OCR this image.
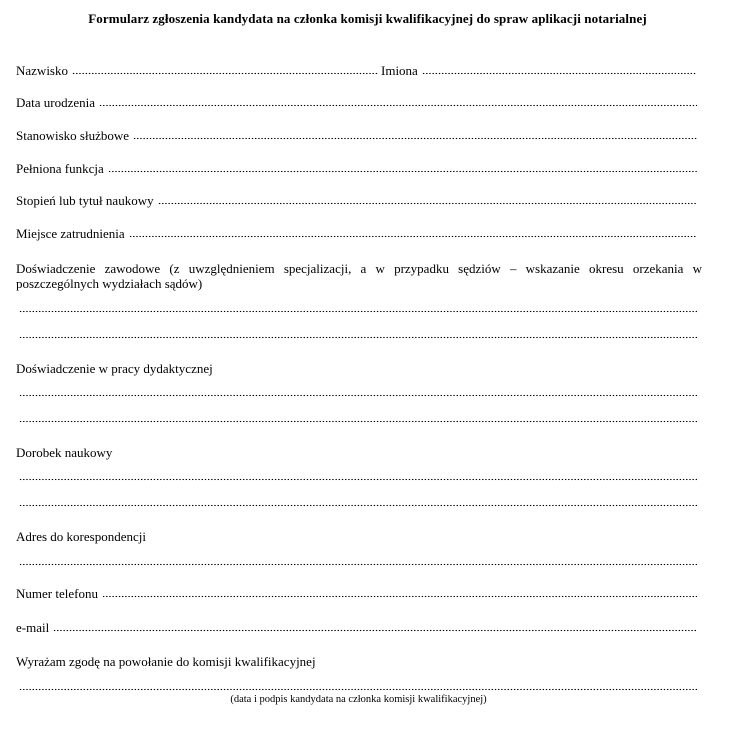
Formularz zgłoszenia kandydata na członka komisji kwalifikacyjnej do spraw aplikacji notarialnej
Nazwisko	Imiona
Data urodzenia
Stanowisko służbowe
Pełniona funkcja
Stopień lub tytuł naukowy
Miejsce zatrudnienia
Doświadczenie zawodowe (z uwzględnieniem specjalizacji, a w przypadku sędziów – wskazanie okresu orzekania w poszczególnych wydziałach sądów)
Doświadczenie w pracy dydaktycznej
Dorobek naukowy
Adres do korespondencji
Numer telefonu
e-mail
Wyrażam zgodę na powołanie do komisji kwalifikacyjnej
(data i podpis kandydata na członka komisji kwalifikacyjnej)
